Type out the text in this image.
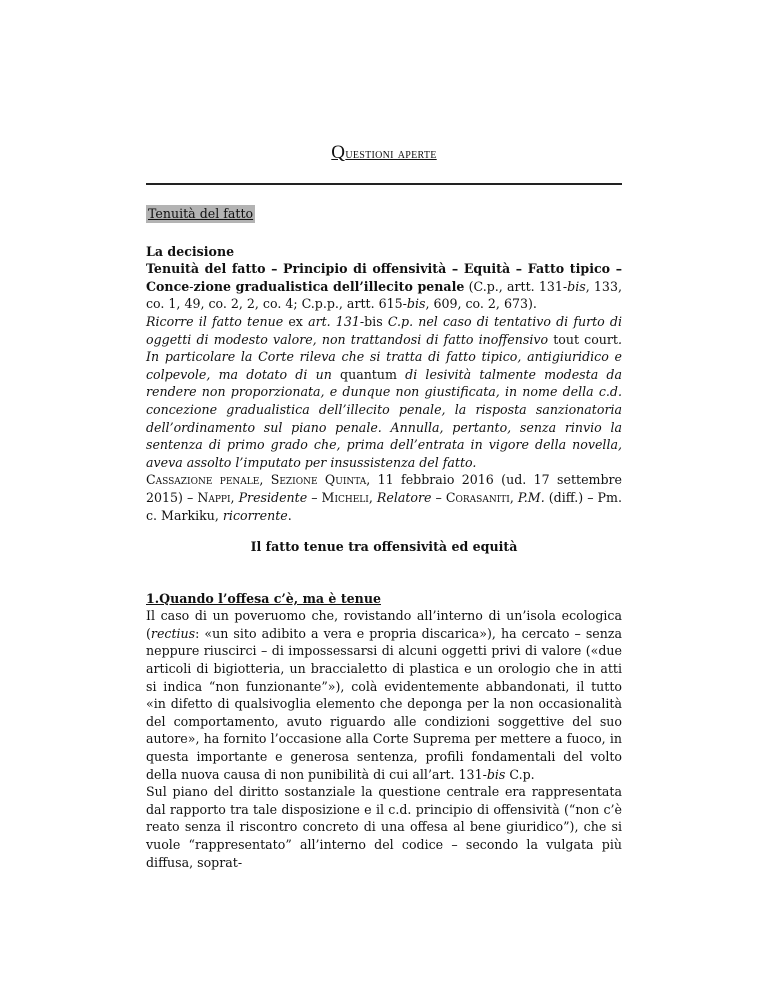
Questioni aperte
Tenuità del fatto

La decisione

Tenuità del fatto – Principio di offensività – Equità – Fatto tipico – Conce-zione gradualistica dell’illecito penale (C.p., artt. 131-bis, 133, co. 1, 49, co. 2, 2, co. 4; C.p.p., artt. 615-bis, 609, co. 2, 673).

Ricorre il fatto tenue ex art. 131-bis C.p. nel caso di tentativo di furto di oggetti di modesto valore, non trattandosi di fatto inoffensivo tout court. In particolare la Corte rileva che si tratta di fatto tipico, antigiuridico e colpevole, ma dotato di un quantum di lesività talmente modesta da rendere non proporzionata, e dunque non giustificata, in nome della c.d. concezione gradualistica dell’illecito penale, la risposta sanzionatoria dell’ordinamento sul piano penale. Annulla, pertanto, senza rinvio la sentenza di primo grado che, prima dell’entrata in vigore della novella, aveva assolto l’imputato per insussistenza del fatto.

Cassazione penale, Sezione Quinta, 11 febbraio 2016 (ud. 17 settembre 2015) – Nappi, Presidente – Micheli, Relatore – Corasaniti, P.M. (diff.) – Pm. c. Markiku, ricorrente.

Il fatto tenue tra offensività ed equità

1.Quando l’offesa c’è, ma è tenue

Il caso di un poveruomo che, rovistando all’interno di un’isola ecologica (rectius: «un sito adibito a vera e propria discarica»), ha cercato – senza neppure riuscirci – di impossessarsi di alcuni oggetti privi di valore («due articoli di bigiotteria, un braccialetto di plastica e un orologio che in atti si indica “non funzionante”»), colà evidentemente abbandonati, il tutto «in difetto di qualsivoglia elemento che deponga per la non occasionalità del comportamento, avuto riguardo alle condizioni soggettive del suo autore», ha fornito l’occasione alla Corte Suprema per mettere a fuoco, in questa importante e generosa sentenza, profili fondamentali del volto della nuova causa di non punibilità di cui all’art. 131-bis C.p.

Sul piano del diritto sostanziale la questione centrale era rappresentata dal rapporto tra tale disposizione e il c.d. principio di offensività (“non c’è reato senza il riscontro concreto di una offesa al bene giuridico”), che si vuole “rappresentato” all’interno del codice – secondo la vulgata più diffusa, soprat-
